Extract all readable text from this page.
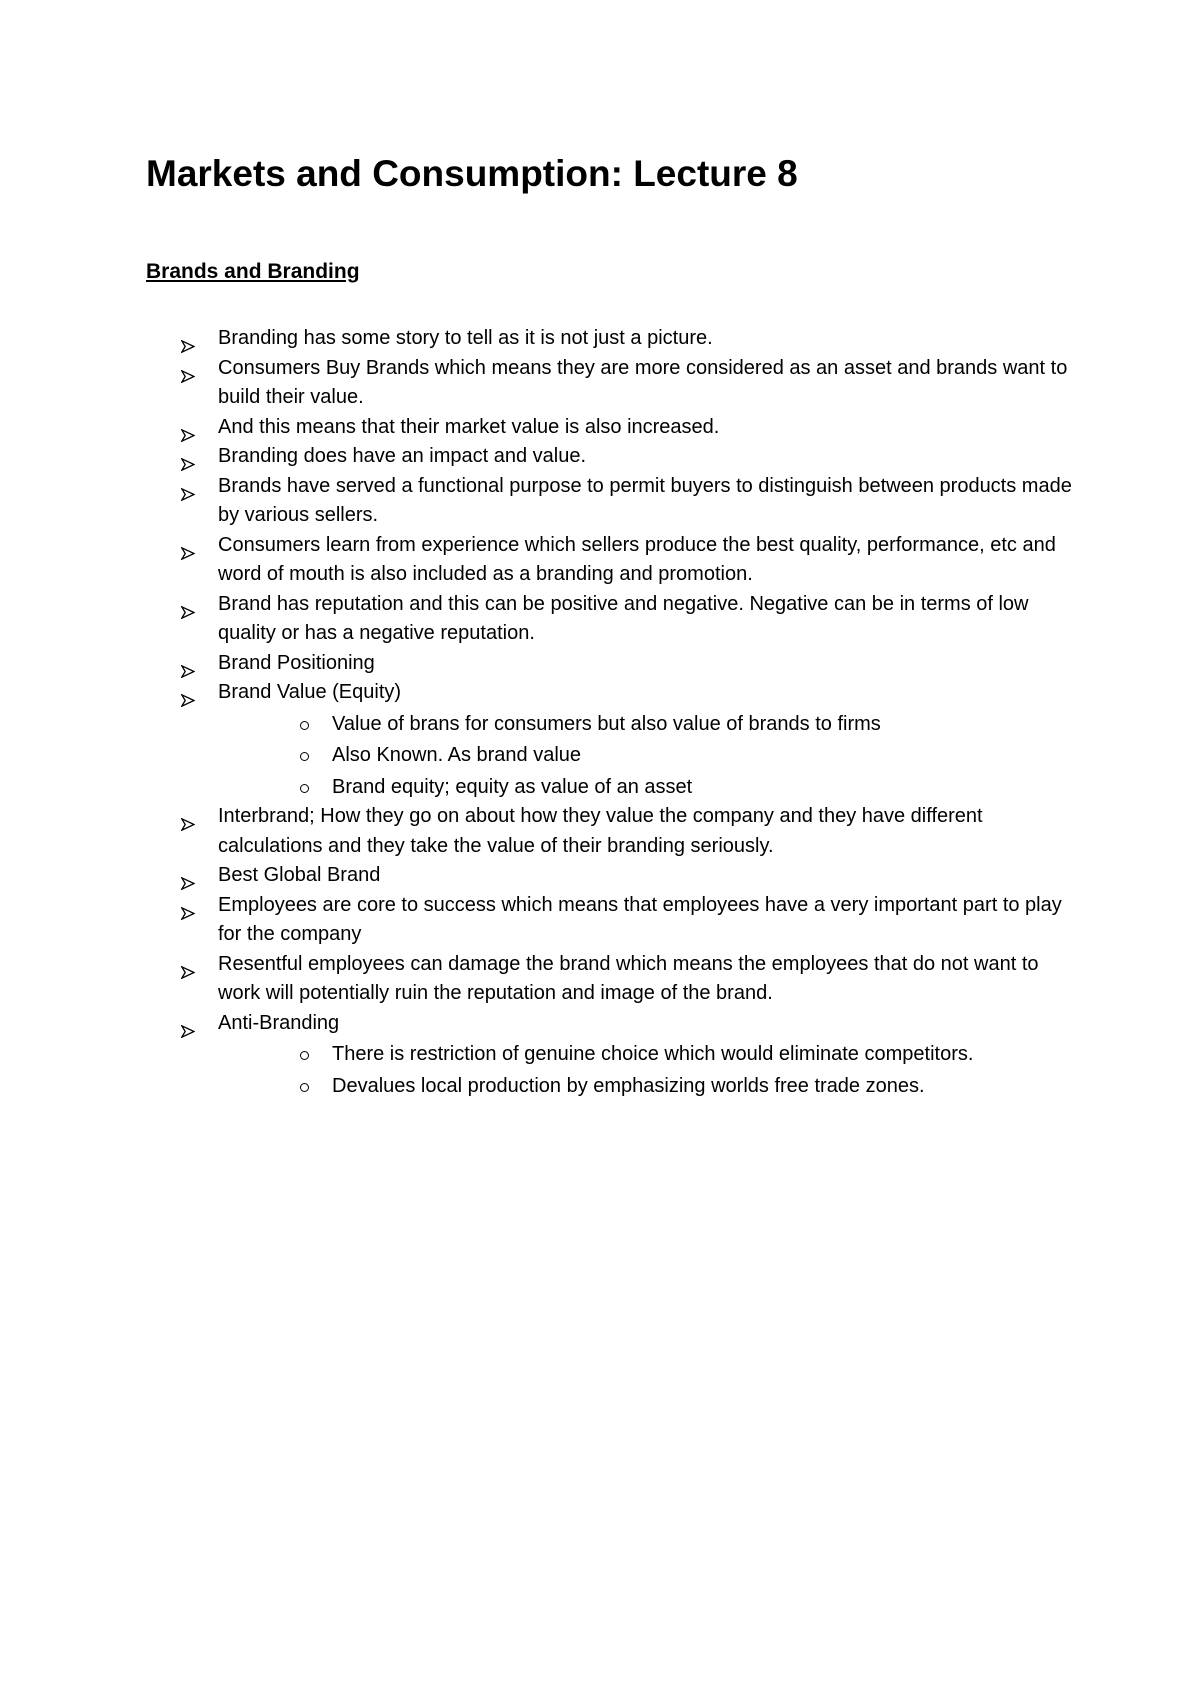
Markets and Consumption: Lecture 8
Brands and Branding
Branding has some story to tell as it is not just a picture.
Consumers Buy Brands which means they are more considered as an asset and brands want to build their value.
And this means that their market value is also increased.
Branding does have an impact and value.
Brands have served a functional purpose to permit buyers to distinguish between products made by various sellers.
Consumers learn from experience which sellers produce the best quality, performance, etc and word of mouth is also included as a branding and promotion.
Brand has reputation and this can be positive and negative. Negative can be in terms of low quality or has a negative reputation.
Brand Positioning
Brand Value (Equity)
Value of brans for consumers but also value of brands to firms
Also Known. As brand value
Brand equity; equity as value of an asset
Interbrand; How they go on about how they value the company and they have different calculations and they take the value of their branding seriously.
Best Global Brand
Employees are core to success which means that employees have a very important part to play for the company
Resentful employees can damage the brand which means the employees that do not want to work will potentially ruin the reputation and image of the brand.
Anti-Branding
There is restriction of genuine choice which would eliminate competitors.
Devalues local production by emphasizing worlds free trade zones.
